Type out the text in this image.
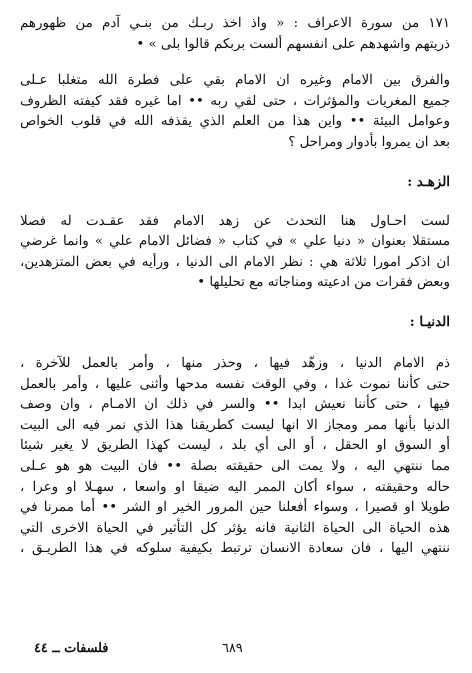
١٧١ من سورة الاعراف : « واذ اخذ ربـك من بنـي آدم من ظهورهم
ذريتهم واشهدهم على انفسهم ألست بربكم قالوا بلى » •
والفرق بين الامام وغيره ان الامام بقي على فطرة الله متغلبا عـلى
جميع المغريات والمؤثرات ، حتى لقي ربه •• اما غيره فقد كيفته الظروف
وعوامل البيئة •• واين هذا من العلم الذي يقذفه الله في قلوب الخواص
بعد ان يمروا بأدوار ومراحل ؟
الزهـد :
لست احـاول هنا التحدث عن زهد الامام فقد عقـدت له فصلا
مستقلا بعنوان « دنيا علي » في كتاب « فضائل الامام علي » وانما غرضي
ان اذكر امورا ثلاثة هي : نظر الامام الى الدنيا ، ورأيه في بعض المتزهدين،
وبعض فقرات من ادعيته ومناجاته مع تحليلها •
الدنيـا :
ذم الامام الدنيا ، وزهّد فيها ، وحذر منها ، وأمر بالعمل للآخرة ،
حتى كأننا نموت غدا ، وفي الوقت نفسه مدحها وأثنى عليها ، وأمر بالعمل
فيها ، حتى كأننا نعيش ابدا •• والسر في ذلك ان الامـام ، وان وصف
الدنيا بأنها ممر ومجاز الا انها ليست كطريقنا هذا الذي نمر فيه الى البيت
أو السوق او الحقل ، أو الى أي بلد ، ليست كهذا الطريق لا يغير شيئا
مما ننتهي اليه ، ولا يمت الى حقيقته بصلة •• فان البيت هو هو عـلى
حاله وحقيقته ، سواء أكان الممر اليه ضيقا او واسعا ، سهـلا او وعرا ،
طويلا او قصيرا ، وسواء أفعلنا حين المرور الخير او الشر •• أما ممرنا في
هذه الحياة الى الحياة الثانية فانه يؤثر كل التأثير في الحياة الاخرى التي
ننتهي اليها ، فان سعادة الانسان ترتبط بكيفية سلوكه في هذا الطريـق ،
٦٨٩
فلسفات ــ ٤٤
